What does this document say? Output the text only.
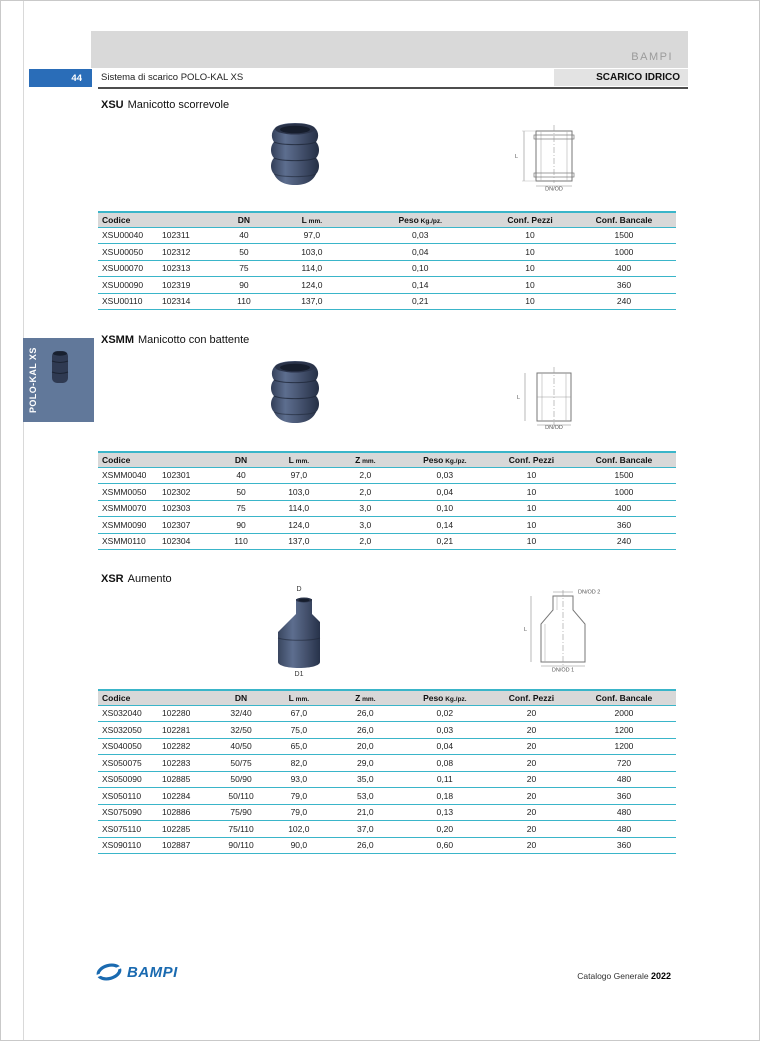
BAMPI
44	Sistema di scarico POLO-KAL XS	SCARICO IDRICO
POLO-KAL XS
XSU Manicotto scorrevole
L
DN/OD
Codice	DN	L mm.	Peso Kg./pz.	Conf. Pezzi	Conf. Bancale
XSU00040 102311	40	97,0	0,03	10	1500
XSU00050 102312	50	103,0	0,04	10	1000
XSU00070 102313	75	114,0	0,10	10	400
XSU00090 102319	90	124,0	0,14	10	360
XSU00110 102314	110	137,0	0,21	10	240
XSMM Manicotto con battente
L
DN/OD
Codice	DN	L mm.	Z mm.	Peso Kg./pz.	Conf. Pezzi	Conf. Bancale
XSMM0040 102301	40	97,0	2,0	0,03	10	1500
XSMM0050 102302	50	103,0	2,0	0,04	10	1000
XSMM0070 102303	75	114,0	3,0	0,10	10	400
XSMM0090 102307	90	124,0	3,0	0,14	10	360
XSMM0110 102304	110	137,0	2,0	0,21	10	240
XSR Aumento
D
D1
L
DN/OD 2
DN/OD 1
Codice	DN	L mm.	Z mm.	Peso Kg./pz.	Conf. Pezzi	Conf. Bancale
XS032040 102280	32/40	67,0	26,0	0,02	20	2000
XS032050 102281	32/50	75,0	26,0	0,03	20	1200
XS040050 102282	40/50	65,0	20,0	0,04	20	1200
XS050075 102283	50/75	82,0	29,0	0,08	20	720
XS050090 102885	50/90	93,0	35,0	0,11	20	480
XS050110 102284	50/110	79,0	53,0	0,18	20	360
XS075090 102886	75/90	79,0	21,0	0,13	20	480
XS075110 102285	75/110	102,0	37,0	0,20	20	480
XS090110 102887	90/110	90,0	26,0	0,60	20	360
BAMPI	Catalogo Generale 2022
